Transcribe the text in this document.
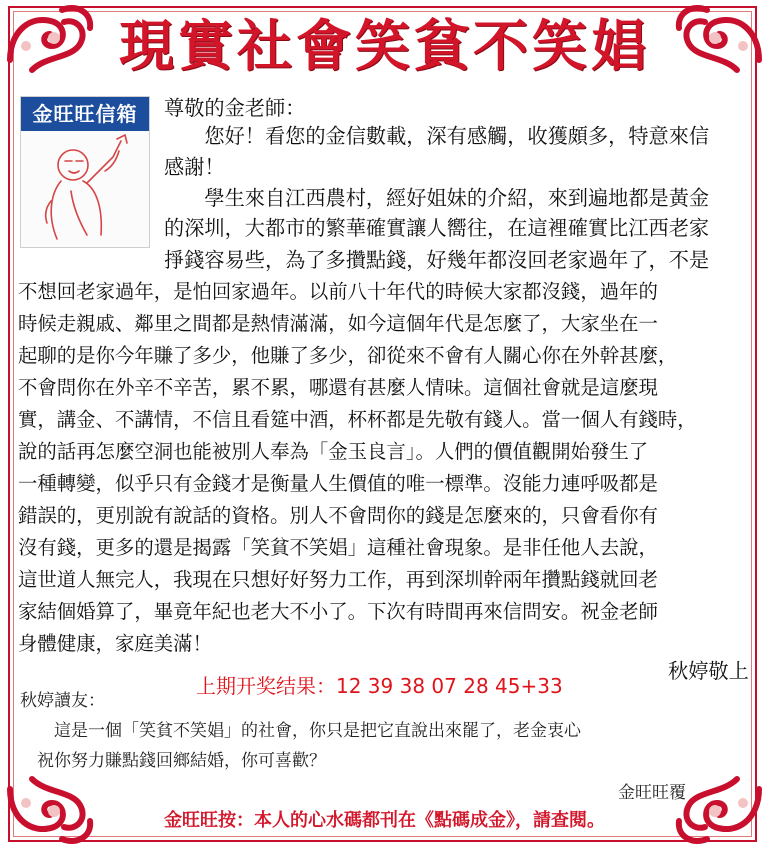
現實社會笑貧不笑娼
金旺旺信箱	尊敬的金老師：
　　您好！看您的金信數載，深有感觸，收獲頗多，特意來信
感謝！
　　學生來自江西農村，經好姐妹的介紹，來到遍地都是黃金
的深圳，大都市的繁華確實讓人嚮往，在這裡確實比江西老家
掙錢容易些，為了多攢點錢，好幾年都沒回老家過年了，不是
不想回老家過年，是怕回家過年。以前八十年代的時候大家都沒錢，過年的
時候走親戚、鄰里之間都是熱情滿滿，如今這個年代是怎麼了，大家坐在一
起聊的是你今年賺了多少，他賺了多少，卻從來不會有人關心你在外幹甚麼，
不會問你在外辛不辛苦，累不累，哪還有甚麼人情味。這個社會就是這麼現
實，講金、不講情，不信且看筵中酒，杯杯都是先敬有錢人。當一個人有錢時，
說的話再怎麼空洞也能被別人奉為「金玉良言」。人們的價值觀開始發生了
一種轉變，似乎只有金錢才是衡量人生價值的唯一標準。沒能力連呼吸都是
錯誤的，更別說有說話的資格。別人不會問你的錢是怎麼來的，只會看你有
沒有錢，更多的還是揭露「笑貧不笑娼」這種社會現象。是非任他人去說，
這世道人無完人，我現在只想好好努力工作，再到深圳幹兩年攢點錢就回老
家結個婚算了，畢竟年紀也老大不小了。下次有時間再來信問安。祝金老師
身體健康，家庭美滿！
秋婷敬上
上期开奖结果：12 39 38 07 28 45+33
秋婷讀友：
　　這是一個「笑貧不笑娼」的社會，你只是把它直說出來罷了，老金衷心
　祝你努力賺點錢回鄉結婚，你可喜歡？
金旺旺覆
金旺旺按：本人的心水碼都刊在《點碼成金》，請查閱。
